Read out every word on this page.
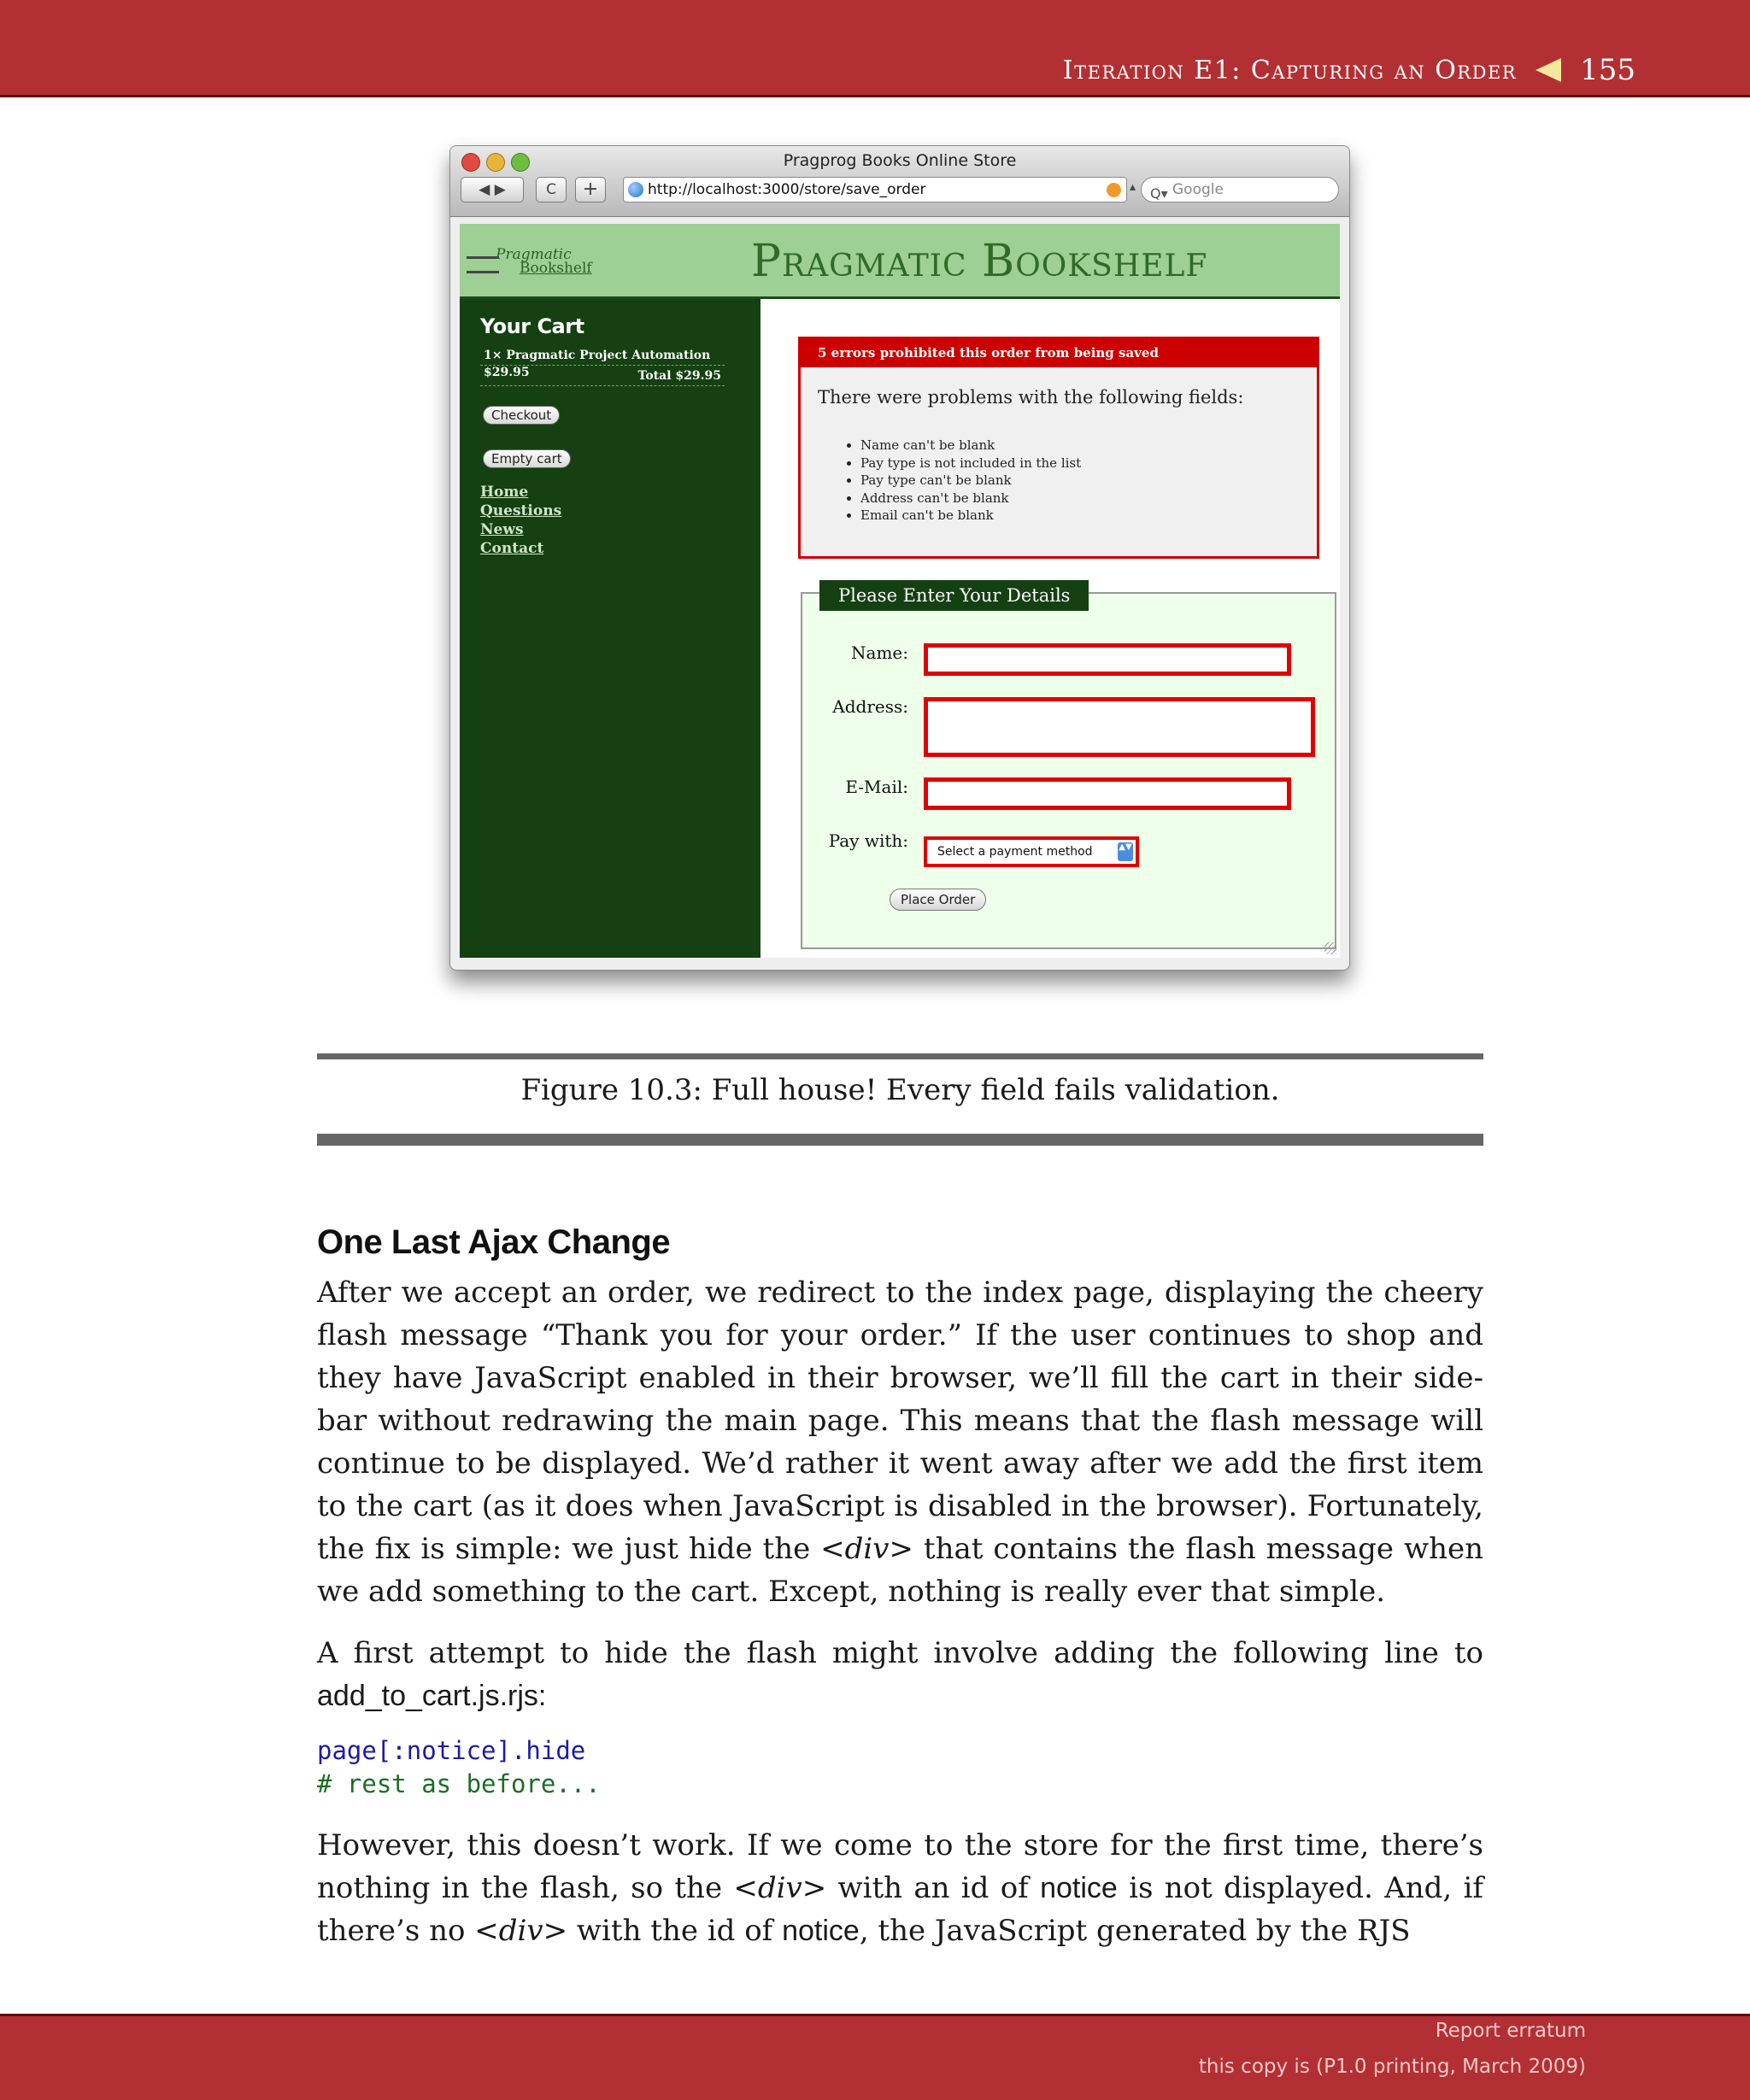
Iteration E1: Capturing an Order 155
Pragprog Books Online Store
◀ ▶	C	+	http://localhost:3000/store/save_order	▴ Q▾ Google
Pragmatic
Bookshelf	Pragmatic Bookshelf
Your Cart
1× Pragmatic Project Automation $29.95	Total $29.95
Checkout
Empty cart
Home
Questions
News
Contact
5 errors prohibited this order from being saved
There were problems with the following fields:
• Name can't be blank
• Pay type is not included in the list
• Pay type can't be blank
• Address can't be blank
• Email can't be blank
Please Enter Your Details
Name:
Address:
E-Mail:
Pay with:
Select a payment method	▲▼
Place Order
Figure 10.3: Full house! Every field fails validation.
One Last Ajax Change
After we accept an order, we redirect to the index page, displaying the cheery flash message “Thank you for your order.” If the user continues to shop and they have JavaScript enabled in their browser, we’ll fill the cart in their side-bar without redrawing the main page. This means that the flash message will continue to be displayed. We’d rather it went away after we add the first item to the cart (as it does when JavaScript is disabled in the browser). Fortunately, the fix is simple: we just hide the <div> that contains the flash message when we add something to the cart. Except, nothing is really ever that simple.
A first attempt to hide the flash might involve adding the following line to add_to_cart.js.rjs:
page[:notice].hide
# rest as before...
However, this doesn’t work. If we come to the store for the first time, there’s nothing in the flash, so the <div> with an id of notice is not displayed. And, if there’s no <div> with the id of notice, the JavaScript generated by the RJS
Report erratum
this copy is (P1.0 printing, March 2009)
